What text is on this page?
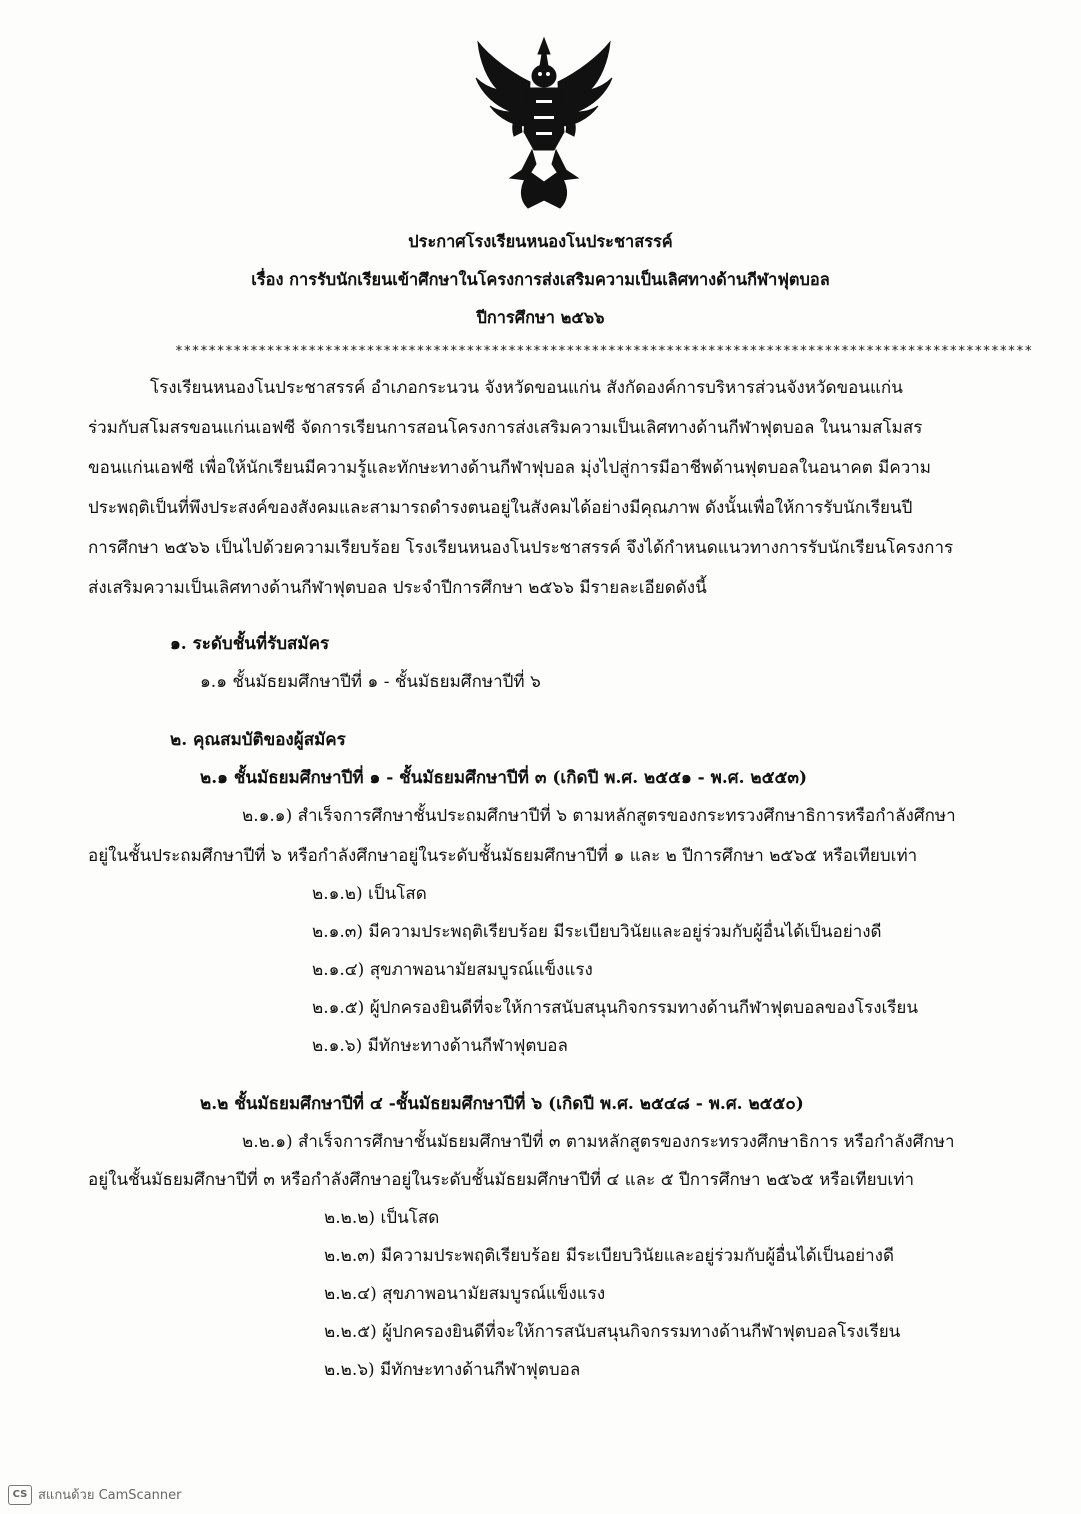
ประกาศโรงเรียนหนองโนประชาสรรค์
เรื่อง การรับนักเรียนเข้าศึกษาในโครงการส่งเสริมความเป็นเลิศทางด้านกีฬาฟุตบอล
ปีการศึกษา ๒๕๖๖
*******************************************************************************************************
โรงเรียนหนองโนประชาสรรค์ อำเภอกระนวน จังหวัดขอนแก่น สังกัดองค์การบริหารส่วนจังหวัดขอนแก่น
ร่วมกับสโมสรขอนแก่นเอฟซี จัดการเรียนการสอนโครงการส่งเสริมความเป็นเลิศทางด้านกีฬาฟุตบอล ในนามสโมสร
ขอนแก่นเอฟซี เพื่อให้นักเรียนมีความรู้และทักษะทางด้านกีฬาฟุบอล มุ่งไปสู่การมีอาชีพด้านฟุตบอลในอนาคต มีความ
ประพฤติเป็นที่พึงประสงค์ของสังคมและสามารถดำรงตนอยู่ในสังคมได้อย่างมีคุณภาพ ดังนั้นเพื่อให้การรับนักเรียนปี
การศึกษา ๒๕๖๖ เป็นไปด้วยความเรียบร้อย โรงเรียนหนองโนประชาสรรค์ จึงได้กำหนดแนวทางการรับนักเรียนโครงการ
ส่งเสริมความเป็นเลิศทางด้านกีฬาฟุตบอล ประจำปีการศึกษา ๒๕๖๖ มีรายละเอียดดังนี้
๑. ระดับชั้นที่รับสมัคร
๑.๑ ชั้นมัธยมศึกษาปีที่ ๑ - ชั้นมัธยมศึกษาปีที่ ๖
๒. คุณสมบัติของผู้สมัคร
๒.๑ ชั้นมัธยมศึกษาปีที่ ๑ - ชั้นมัธยมศึกษาปีที่ ๓ (เกิดปี พ.ศ. ๒๕๕๑ - พ.ศ. ๒๕๕๓)
๒.๑.๑) สำเร็จการศึกษาชั้นประถมศึกษาปีที่ ๖ ตามหลักสูตรของกระทรวงศึกษาธิการหรือกำลังศึกษา
อยู่ในชั้นประถมศึกษาปีที่ ๖ หรือกำลังศึกษาอยู่ในระดับชั้นมัธยมศึกษาปีที่ ๑ และ ๒ ปีการศึกษา ๒๕๖๕ หรือเทียบเท่า
๒.๑.๒) เป็นโสด
๒.๑.๓) มีความประพฤติเรียบร้อย มีระเบียบวินัยและอยู่ร่วมกับผู้อื่นได้เป็นอย่างดี
๒.๑.๔) สุขภาพอนามัยสมบูรณ์แข็งแรง
๒.๑.๕) ผู้ปกครองยินดีที่จะให้การสนับสนุนกิจกรรมทางด้านกีฬาฟุตบอลของโรงเรียน
๒.๑.๖) มีทักษะทางด้านกีฬาฟุตบอล
๒.๒ ชั้นมัธยมศึกษาปีที่ ๔ -ชั้นมัธยมศึกษาปีที่ ๖ (เกิดปี พ.ศ. ๒๕๔๘ - พ.ศ. ๒๕๕๐)
๒.๒.๑) สำเร็จการศึกษาชั้นมัธยมศึกษาปีที่ ๓ ตามหลักสูตรของกระทรวงศึกษาธิการ หรือกำลังศึกษา
อยู่ในชั้นมัธยมศึกษาปีที่ ๓ หรือกำลังศึกษาอยู่ในระดับชั้นมัธยมศึกษาปีที่ ๔ และ ๕ ปีการศึกษา ๒๕๖๕ หรือเทียบเท่า
๒.๒.๒) เป็นโสด
๒.๒.๓) มีความประพฤติเรียบร้อย มีระเบียบวินัยและอยู่ร่วมกับผู้อื่นได้เป็นอย่างดี
๒.๒.๔) สุขภาพอนามัยสมบูรณ์แข็งแรง
๒.๒.๕) ผู้ปกครองยินดีที่จะให้การสนับสนุนกิจกรรมทางด้านกีฬาฟุตบอลโรงเรียน
๒.๒.๖) มีทักษะทางด้านกีฬาฟุตบอล
CS สแกนด้วย CamScanner
